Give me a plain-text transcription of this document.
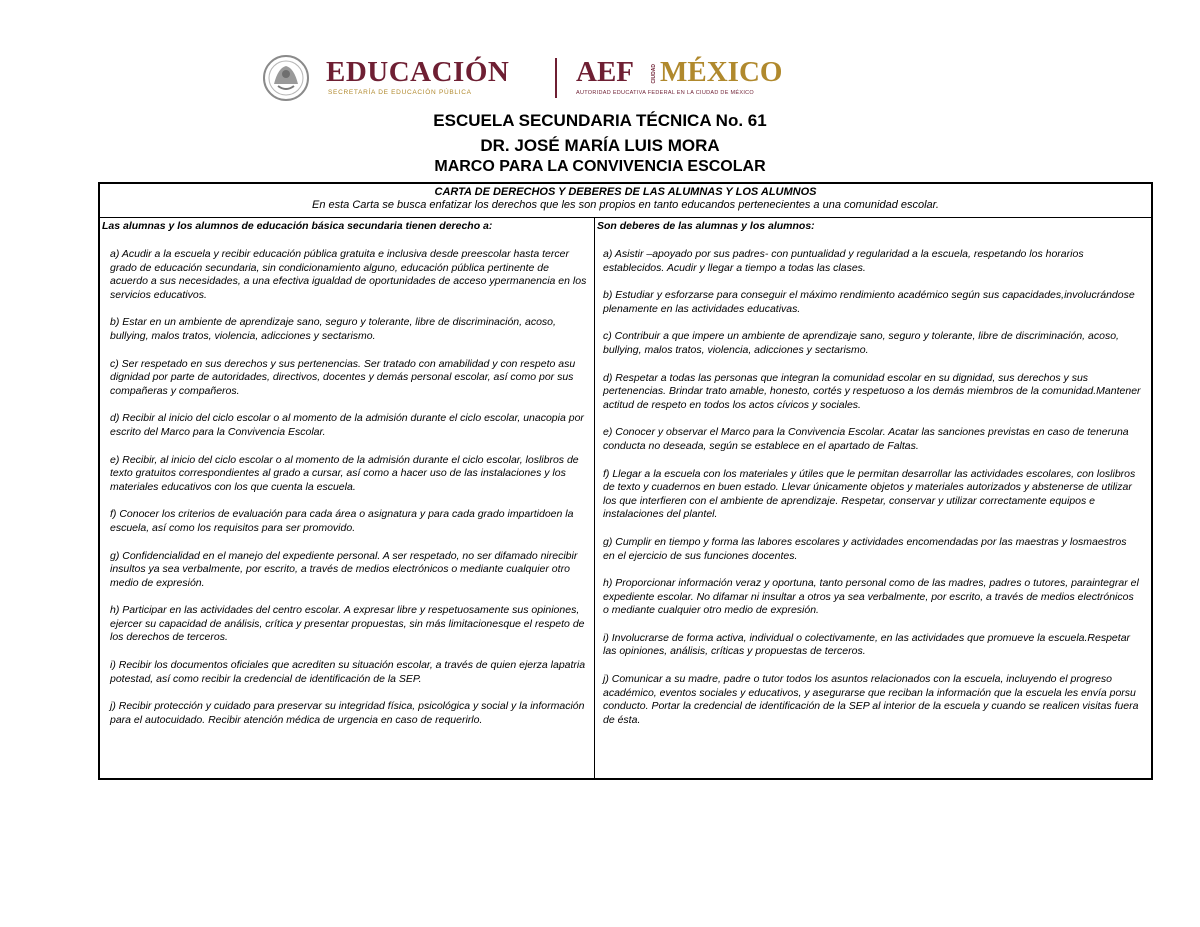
EDUCACIÓN
SECRETARÍA DE EDUCACIÓN PÚBLICA
AEF	CIUDAD MÉXICO
AUTORIDAD EDUCATIVA FEDERAL EN LA CIUDAD DE MÉXICO
ESCUELA SECUNDARIA TÉCNICA No. 61
DR. JOSÉ MARÍA LUIS MORA
MARCO PARA LA CONVIVENCIA ESCOLAR
CARTA DE DERECHOS Y DEBERES DE LAS ALUMNAS Y LOS ALUMNOS
En esta Carta se busca enfatizar los derechos que les son propios en tanto educandos pertenecientes a una comunidad escolar.
Las alumnas y los alumnos de educación básica secundaria tienen derecho a:
a) Acudir a la escuela y recibir educación pública gratuita e inclusiva desde preescolar hasta tercer grado de educación secundaria, sin condicionamiento alguno, educación pública pertinente de acuerdo a sus necesidades, a una efectiva igualdad de oportunidades de acceso ypermanencia en los servicios educativos.
b) Estar en un ambiente de aprendizaje sano, seguro y tolerante, libre de discriminación, acoso, bullying, malos tratos, violencia, adicciones y sectarismo.
c) Ser respetado en sus derechos y sus pertenencias. Ser tratado con amabilidad y con respeto asu dignidad por parte de autoridades, directivos, docentes y demás personal escolar, así como por sus compañeras y compañeros.
d) Recibir al inicio del ciclo escolar o al momento de la admisión durante el ciclo escolar, unacopia por escrito del Marco para la Convivencia Escolar.
e) Recibir, al inicio del ciclo escolar o al momento de la admisión durante el ciclo escolar, loslibros de texto gratuitos correspondientes al grado a cursar, así como a hacer uso de las instalaciones y los materiales educativos con los que cuenta la escuela.
f) Conocer los criterios de evaluación para cada área o asignatura y para cada grado impartidoen la escuela, así como los requisitos para ser promovido.
g) Confidencialidad en el manejo del expediente personal. A ser respetado, no ser difamado nirecibir insultos ya sea verbalmente, por escrito, a través de medios electrónicos o mediante cualquier otro medio de expresión.
h) Participar en las actividades del centro escolar. A expresar libre y respetuosamente sus opiniones, ejercer su capacidad de análisis, crítica y presentar propuestas, sin más limitacionesque el respeto de los derechos de terceros.
i) Recibir los documentos oficiales que acrediten su situación escolar, a través de quien ejerza lapatria potestad, así como recibir la credencial de identificación de la SEP.
j) Recibir protección y cuidado para preservar su integridad física, psicológica y social y la información para el autocuidado. Recibir atención médica de urgencia en caso de requerirlo.
Son deberes de las alumnas y los alumnos:
a) Asistir –apoyado por sus padres- con puntualidad y regularidad a la escuela, respetando los horarios establecidos. Acudir y llegar a tiempo a todas las clases.
b) Estudiar y esforzarse para conseguir el máximo rendimiento académico según sus capacidades,involucrándose plenamente en las actividades educativas.
c) Contribuir a que impere un ambiente de aprendizaje sano, seguro y tolerante, libre de discriminación, acoso, bullying, malos tratos, violencia, adicciones y sectarismo.
d) Respetar a todas las personas que integran la comunidad escolar en su dignidad, sus derechos y sus pertenencias. Brindar trato amable, honesto, cortés y respetuoso a los demás miembros de la comunidad.Mantener actitud de respeto en todos los actos cívicos y sociales.
e) Conocer y observar el Marco para la Convivencia Escolar. Acatar las sanciones previstas en caso de teneruna conducta no deseada, según se establece en el apartado de Faltas.
f) Llegar a la escuela con los materiales y útiles que le permitan desarrollar las actividades escolares, con loslibros de texto y cuadernos en buen estado. Llevar únicamente objetos y materiales autorizados y abstenerse de utilizar los que interfieren con el ambiente de aprendizaje. Respetar, conservar y utilizar correctamente equipos e instalaciones del plantel.
g) Cumplir en tiempo y forma las labores escolares y actividades encomendadas por las maestras y losmaestros en el ejercicio de sus funciones docentes.
h) Proporcionar información veraz y oportuna, tanto personal como de las madres, padres o tutores, paraintegrar el expediente escolar. No difamar ni insultar a otros ya sea verbalmente, por escrito, a través de medios electrónicos o mediante cualquier otro medio de expresión.
i) Involucrarse de forma activa, individual o colectivamente, en las actividades que promueve la escuela.Respetar las opiniones, análisis, críticas y propuestas de terceros.
j) Comunicar a su madre, padre o tutor todos los asuntos relacionados con la escuela, incluyendo el progreso académico, eventos sociales y educativos, y asegurarse que reciban la información que la escuela les envía porsu conducto. Portar la credencial de identificación de la SEP al interior de la escuela y cuando se realicen visitas fuera de ésta.
